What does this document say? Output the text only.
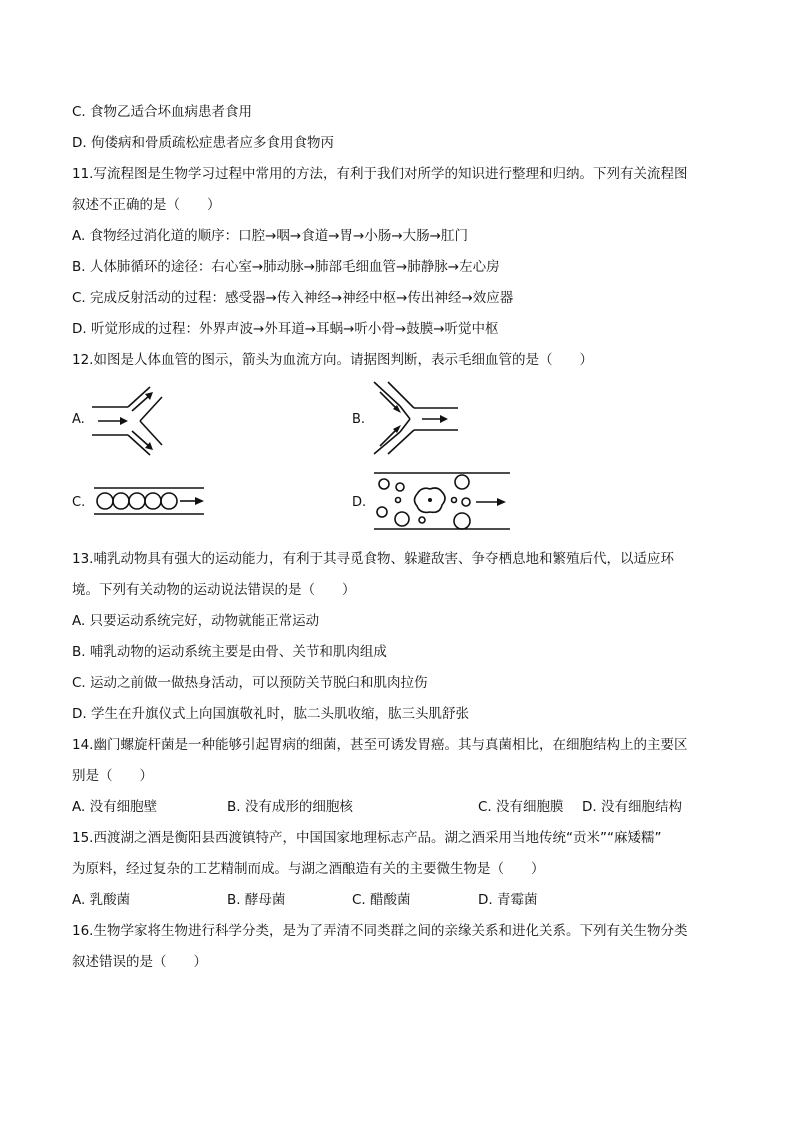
C. 食物乙适合坏血病患者食用
D. 佝偻病和骨质疏松症患者应多食用食物丙
11.写流程图是生物学习过程中常用的方法，有利于我们对所学的知识进行整理和归纳。下列有关流程图
叙述不正确的是（　　）
A. 食物经过消化道的顺序：口腔→咽→食道→胃→小肠→大肠→肛门
B. 人体肺循环的途径：右心室→肺动脉→肺部毛细血管→肺静脉→左心房
C. 完成反射活动的过程：感受器→传入神经→神经中枢→传出神经→效应器
D. 听觉形成的过程：外界声波→外耳道→耳蜗→听小骨→鼓膜→听觉中枢
12.如图是人体血管的图示，箭头为血流方向。请据图判断，表示毛细血管的是（　　）
A.	B.
C.	D.
13.哺乳动物具有强大的运动能力，有利于其寻觅食物、躲避敌害、争夺栖息地和繁殖后代，以适应环
境。下列有关动物的运动说法错误的是（　　）
A. 只要运动系统完好，动物就能正常运动
B. 哺乳动物的运动系统主要是由骨、关节和肌肉组成
C. 运动之前做一做热身活动，可以预防关节脱臼和肌肉拉伤
D. 学生在升旗仪式上向国旗敬礼时，肱二头肌收缩，肱三头肌舒张
14.幽门螺旋杆菌是一种能够引起胃病的细菌，甚至可诱发胃癌。其与真菌相比，在细胞结构上的主要区
别是（　　）
A. 没有细胞壁	B. 没有成形的细胞核	C. 没有细胞膜 D. 没有细胞结构
15.西渡湖之酒是衡阳县西渡镇特产，中国国家地理标志产品。湖之酒采用当地传统“贡米”“麻矮糯”
为原料，经过复杂的工艺精制而成。与湖之酒酿造有关的主要微生物是（　　）
A. 乳酸菌	B. 酵母菌	C. 醋酸菌	D. 青霉菌
16.生物学家将生物进行科学分类，是为了弄清不同类群之间的亲缘关系和进化关系。下列有关生物分类
叙述错误的是（　　）
